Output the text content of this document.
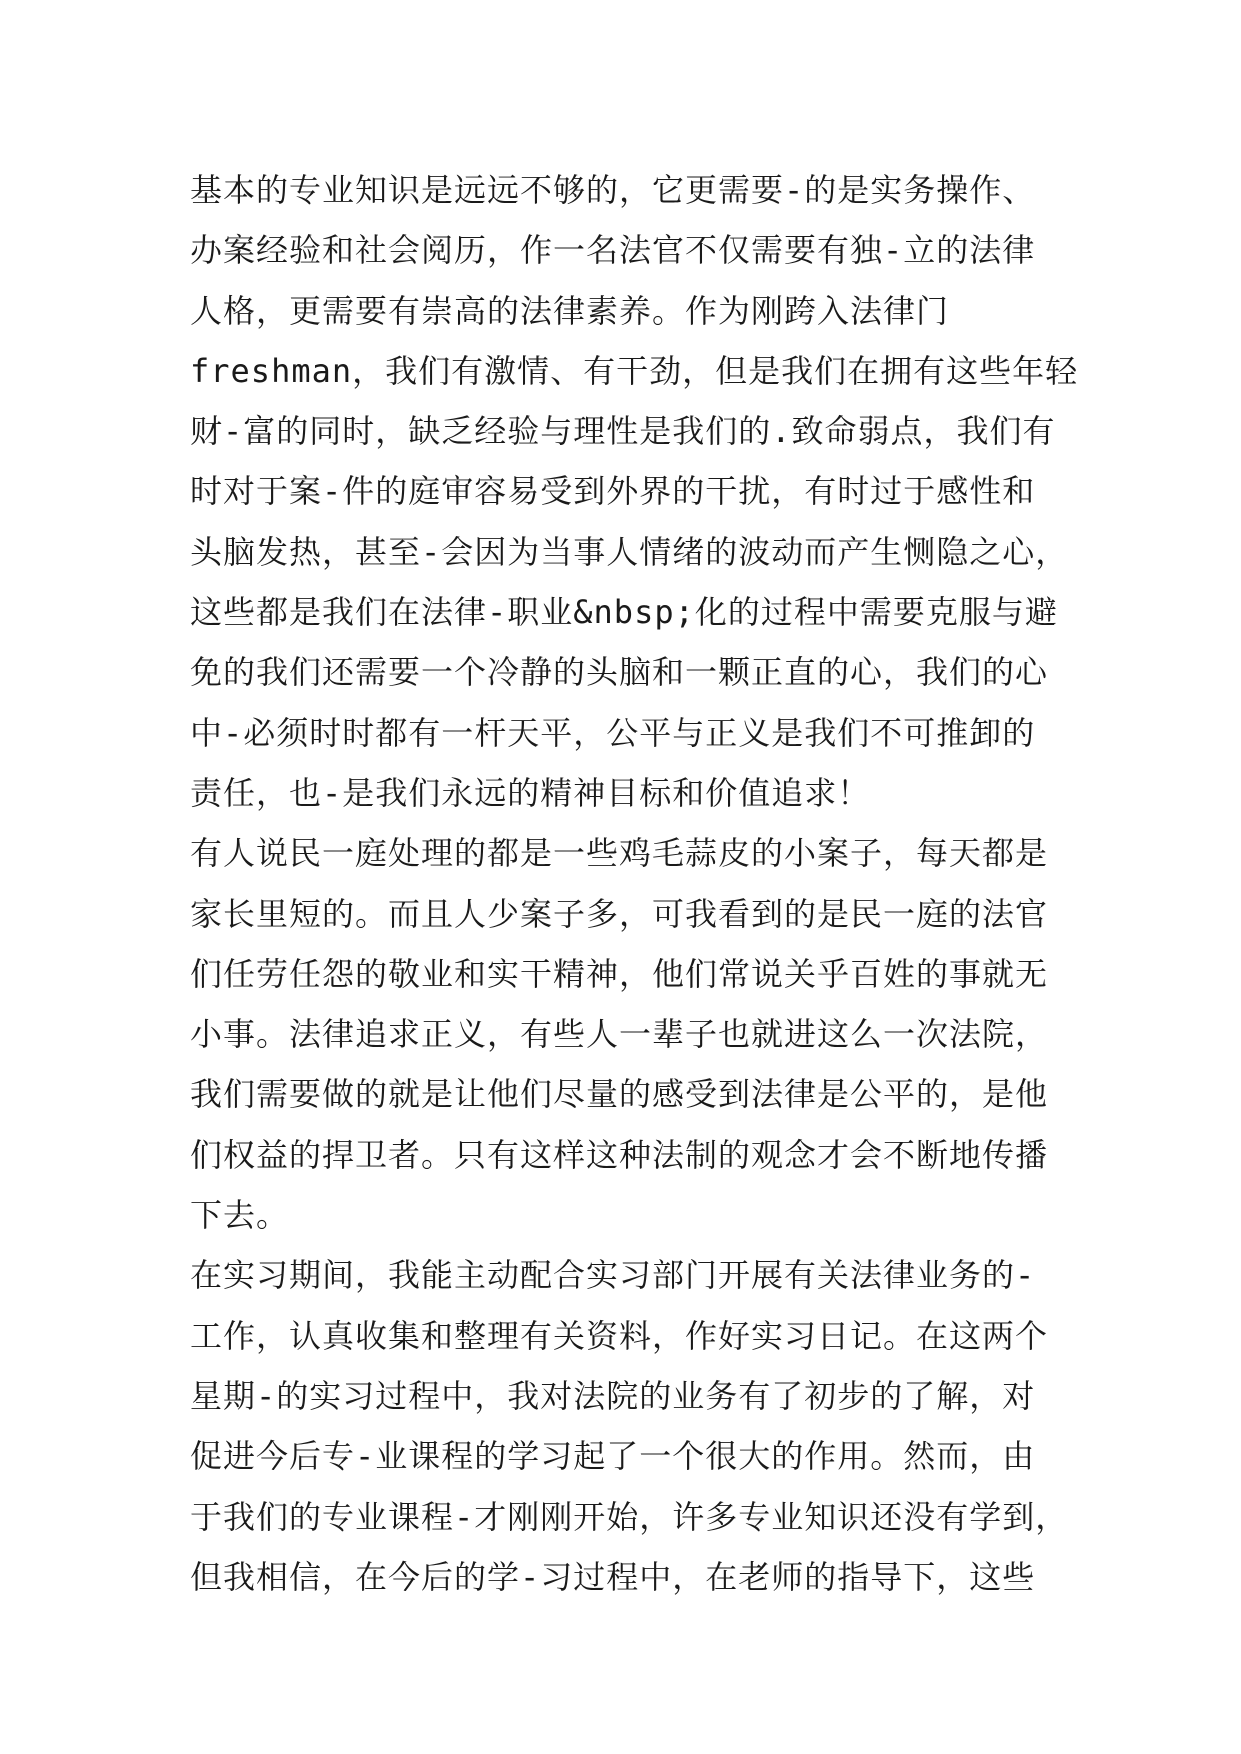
基本的专业知识是远远不够的，它更需要-的是实务操作、
办案经验和社会阅历，作一名法官不仅需要有独-立的法律
人格，更需要有崇高的法律素养。作为刚跨入法律门
freshman，我们有激情、有干劲，但是我们在拥有这些年轻
财-富的同时，缺乏经验与理性是我们的.致命弱点，我们有
时对于案-件的庭审容易受到外界的干扰，有时过于感性和
头脑发热，甚至-会因为当事人情绪的波动而产生恻隐之心，
这些都是我们在法律-职业&nbsp;化的过程中需要克服与避
免的我们还需要一个冷静的头脑和一颗正直的心，我们的心
中-必须时时都有一杆天平，公平与正义是我们不可推卸的
责任，也-是我们永远的精神目标和价值追求！
有人说民一庭处理的都是一些鸡毛蒜皮的小案子，每天都是
家长里短的。而且人少案子多，可我看到的是民一庭的法官
们任劳任怨的敬业和实干精神，他们常说关乎百姓的事就无
小事。法律追求正义，有些人一辈子也就进这么一次法院，
我们需要做的就是让他们尽量的感受到法律是公平的，是他
们权益的捍卫者。只有这样这种法制的观念才会不断地传播
下去。
在实习期间，我能主动配合实习部门开展有关法律业务的-
工作，认真收集和整理有关资料，作好实习日记。在这两个
星期-的实习过程中，我对法院的业务有了初步的了解，对
促进今后专-业课程的学习起了一个很大的作用。然而，由
于我们的专业课程-才刚刚开始，许多专业知识还没有学到，
但我相信，在今后的学-习过程中，在老师的指导下，这些
